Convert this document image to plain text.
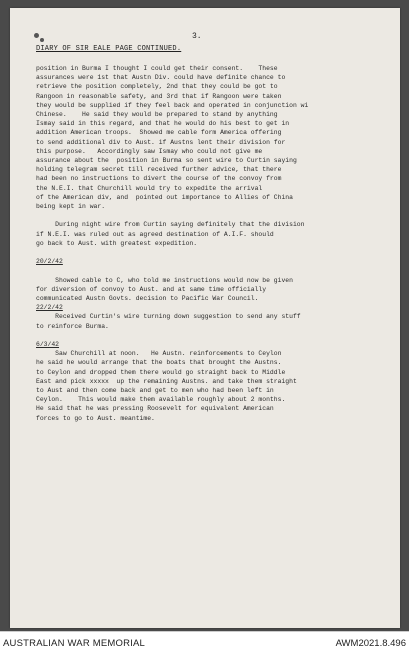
3.
DIARY OF SIR EALE PAGE CONTINUED.
position in Burma I thought I could get their consent.    These
assurances were 1st that Austn Div. could have definite chance to
retrieve the position completely, 2nd that they could be got to
Rangoon in reasonable safety, and 3rd that if Rangoon were taken
they would be supplied if they feel back and operated in conjunction wi
Chinese.    He said they would be prepared to stand by anything
Ismay said in this regard, and that he would do his best to get in
addition American troops.  Showed me cable form America offering
to send additional div to Aust. if Austns lent their division for
this purpose.   Accordingly saw Ismay who could not give me
assurance about the  position in Burma so sent wire to Curtin saying
holding telegram secret till received further advice, that there
had been no instructions to divert the course of the convoy from
the N.E.I. that Churchill would try to expedite the arrival
of the American div, and  pointed out importance to Allies of China
being kept in war.
During night wire from Curtin saying definitely that the division
if N.E.I. was ruled out as agreed destination of A.I.F. should
go back to Aust. with greatest expedition.
20/2/42
Showed cable to C, who told me instructions would now be given
for diversion of convoy to Aust. and at same time officially
communicated Austn Govts. decision to Pacific War Council.
22/2/42
Received Curtin's wire turning down suggestion to send any stuff
to reinforce Burma.
6/3/42
Saw Churchill at noon.   He Austn. reinforcements to Ceylon
he said he would arrange that the boats that brought the Austns.
to Ceylon and dropped them there would go straight back to Middle
East and pick xxxxx  up the remaining Austns. and take them straight
to Aust and then come back and get to men who had been left in
Ceylon.    This would make them available roughly about 2 months.
He said that he was pressing Roosevelt for equivalent American
forces to go to Aust. meantime.
AUSTRALIAN WAR MEMORIAL	AWM2021.8.496
